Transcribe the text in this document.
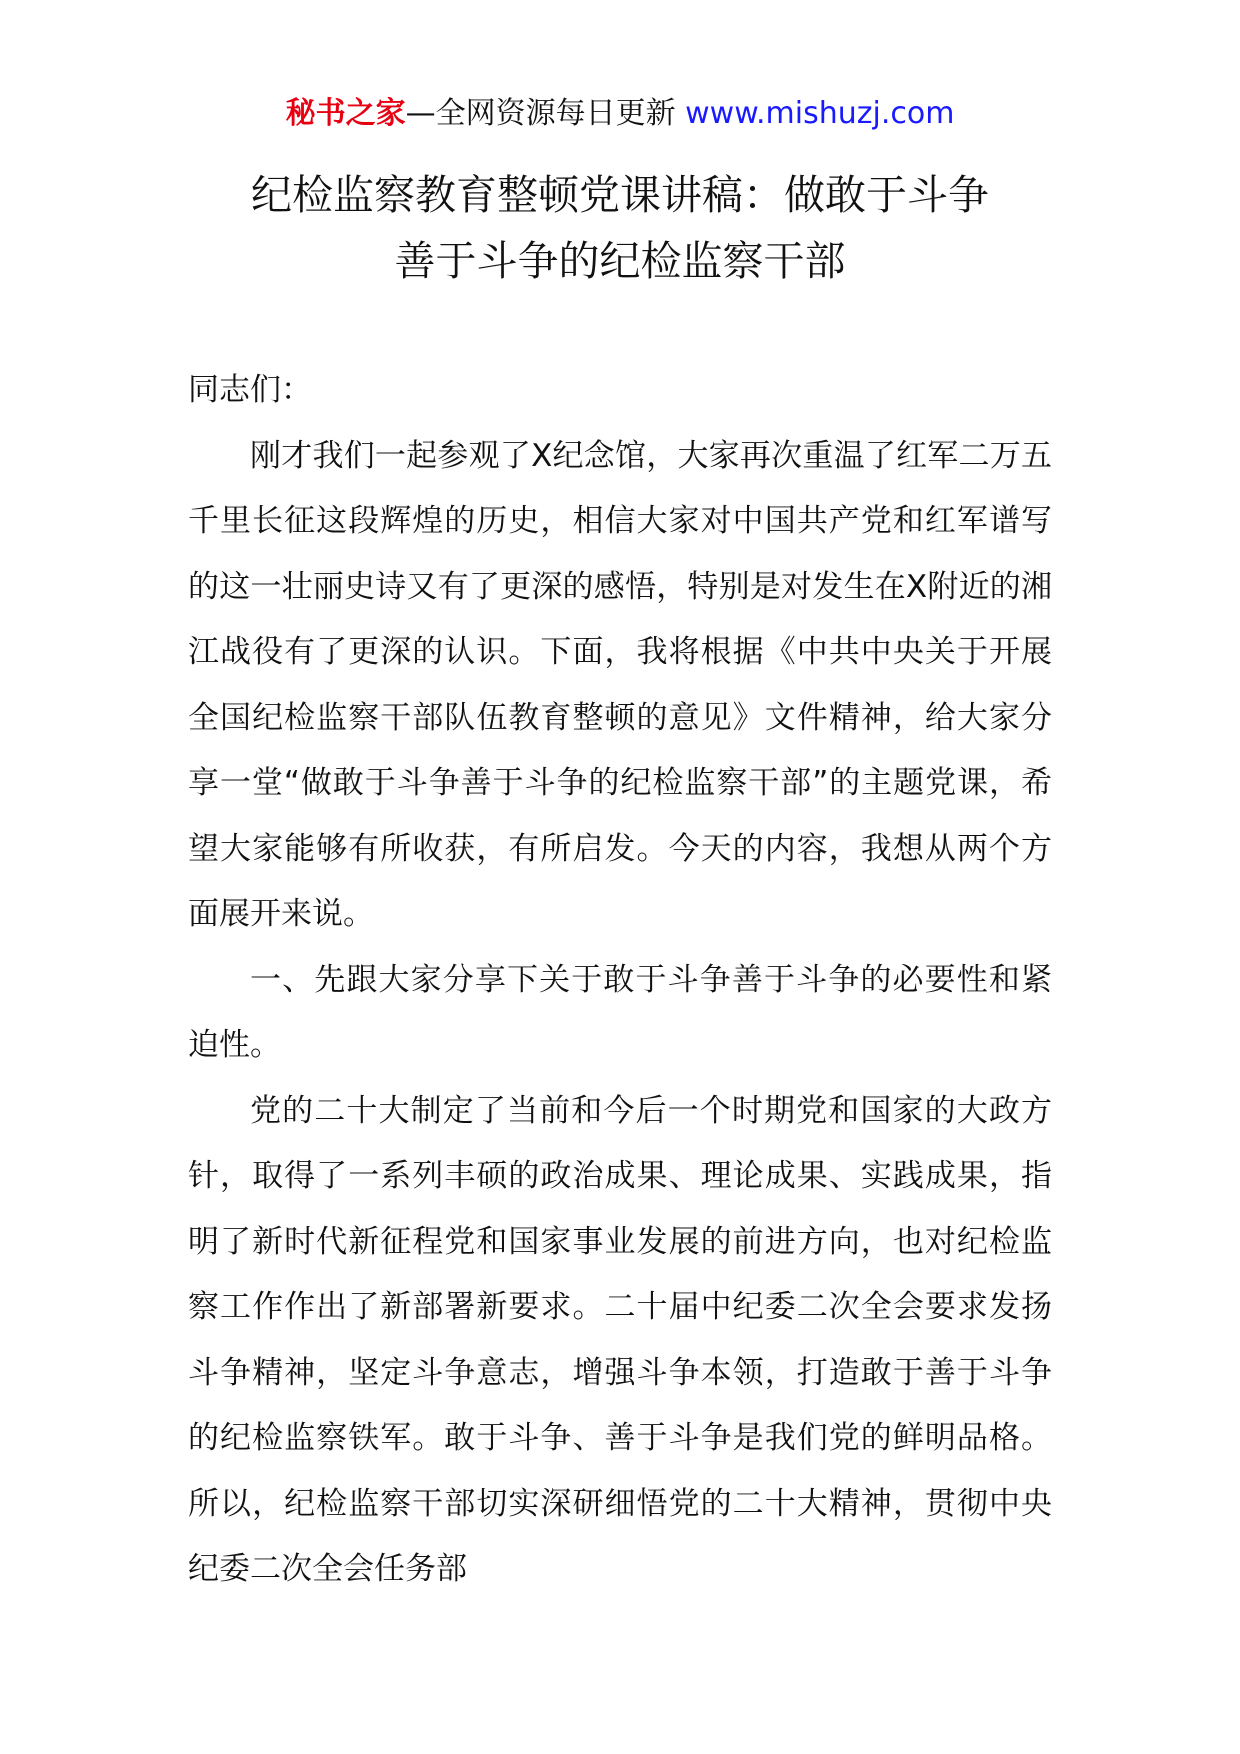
秘书之家—全网资源每日更新 www.mishuzj.com
纪检监察教育整顿党课讲稿：做敢于斗争
善于斗争的纪检监察干部

同志们：

刚才我们一起参观了X纪念馆，大家再次重温了红军二万五千里长征这段辉煌的历史，相信大家对中国共产党和红军谱写的这一壮丽史诗又有了更深的感悟，特别是对发生在X附近的湘江战役有了更深的认识。下面，我将根据《中共中央关于开展全国纪检监察干部队伍教育整顿的意见》文件精神，给大家分享一堂“做敢于斗争善于斗争的纪检监察干部”的主题党课，希望大家能够有所收获，有所启发。今天的内容，我想从两个方面展开来说。

一、先跟大家分享下关于敢于斗争善于斗争的必要性和紧迫性。

党的二十大制定了当前和今后一个时期党和国家的大政方针，取得了一系列丰硕的政治成果、理论成果、实践成果，指明了新时代新征程党和国家事业发展的前进方向，也对纪检监察工作作出了新部署新要求。二十届中纪委二次全会要求发扬斗争精神，坚定斗争意志，增强斗争本领，打造敢于善于斗争的纪检监察铁军。敢于斗争、善于斗争是我们党的鲜明品格。所以，纪检监察干部切实深研细悟党的二十大精神，贯彻中央纪委二次全会任务部
